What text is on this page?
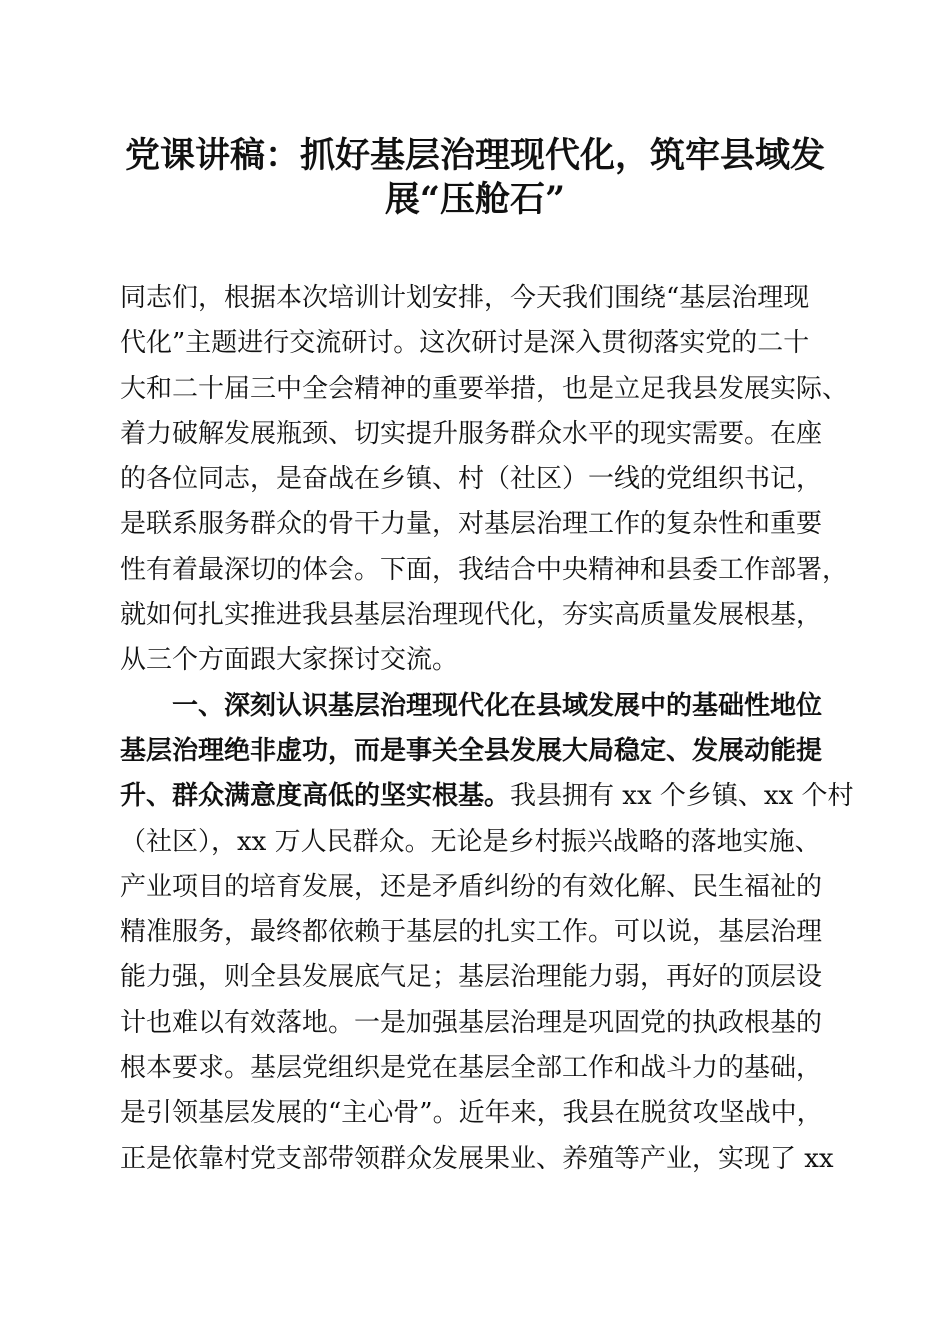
党课讲稿：抓好基层治理现代化，筑牢县域发
展“压舱石”
同志们，根据本次培训计划安排，今天我们围绕“基层治理现
代化”主题进行交流研讨。这次研讨是深入贯彻落实党的二十
大和二十届三中全会精神的重要举措，也是立足我县发展实际、
着力破解发展瓶颈、切实提升服务群众水平的现实需要。在座
的各位同志，是奋战在乡镇、村（社区）一线的党组织书记，
是联系服务群众的骨干力量，对基层治理工作的复杂性和重要
性有着最深切的体会。下面，我结合中央精神和县委工作部署，
就如何扎实推进我县基层治理现代化，夯实高质量发展根基，
从三个方面跟大家探讨交流。
一、深刻认识基层治理现代化在县域发展中的基础性地位
基层治理绝非虚功，而是事关全县发展大局稳定、发展动能提
升、群众满意度高低的坚实根基。我县拥有 xx 个乡镇、xx 个村
（社区），xx 万人民群众。无论是乡村振兴战略的落地实施、
产业项目的培育发展，还是矛盾纠纷的有效化解、民生福祉的
精准服务，最终都依赖于基层的扎实工作。可以说，基层治理
能力强，则全县发展底气足；基层治理能力弱，再好的顶层设
计也难以有效落地。一是加强基层治理是巩固党的执政根基的
根本要求。基层党组织是党在基层全部工作和战斗力的基础，
是引领基层发展的“主心骨”。近年来，我县在脱贫攻坚战中，
正是依靠村党支部带领群众发展果业、养殖等产业，实现了 xx
